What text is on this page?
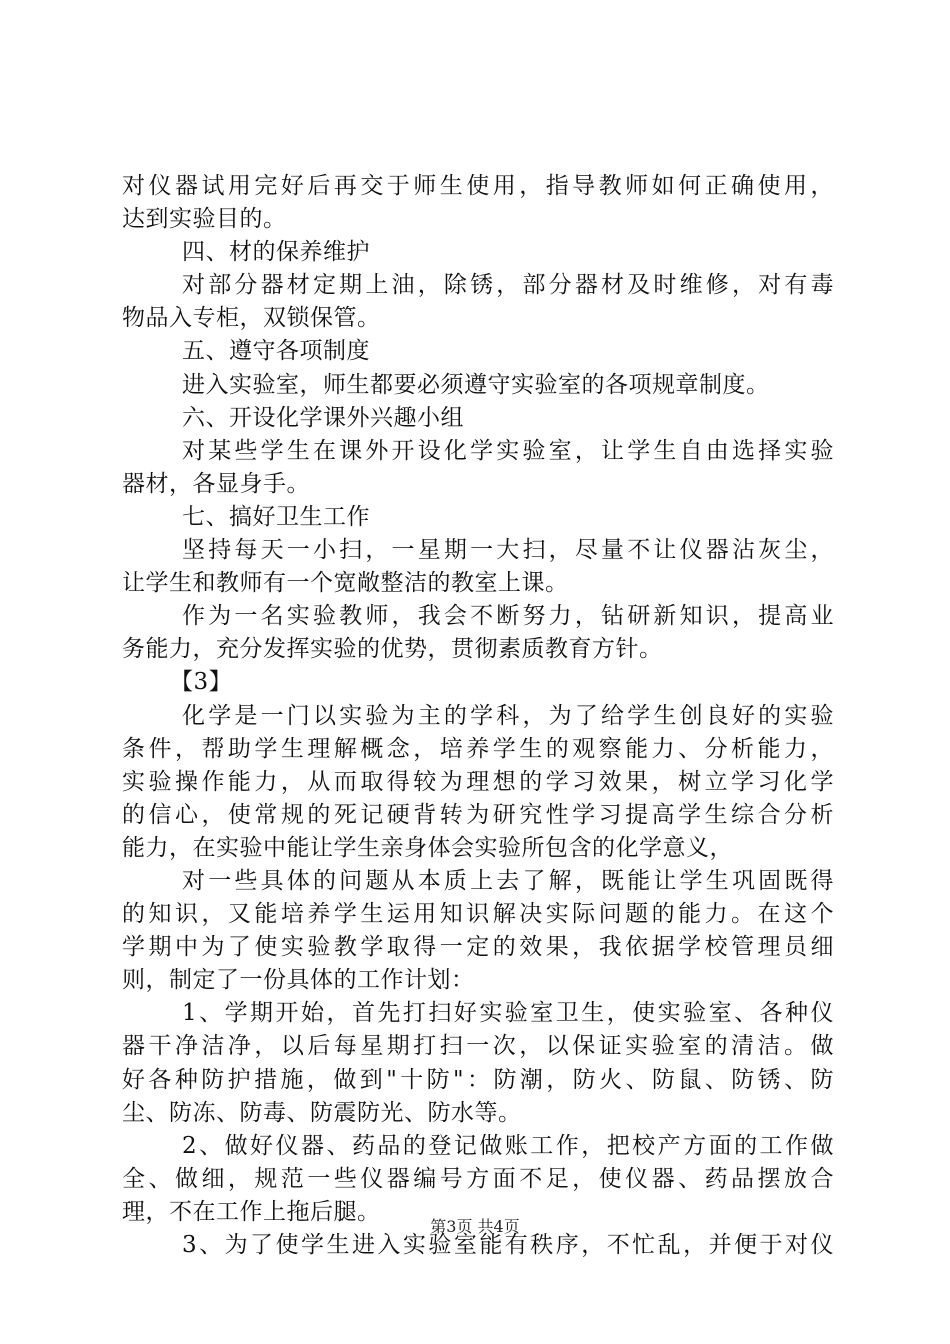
对仪器试用完好后再交于师生使用，指导教师如何正确使用，
达到实验目的。
四、材的保养维护
对部分器材定期上油，除锈，部分器材及时维修，对有毒
物品入专柜，双锁保管。
五、遵守各项制度
进入实验室，师生都要必须遵守实验室的各项规章制度。
六、开设化学课外兴趣小组
对某些学生在课外开设化学实验室，让学生自由选择实验
器材，各显身手。
七、搞好卫生工作
坚持每天一小扫，一星期一大扫，尽量不让仪器沾灰尘，
让学生和教师有一个宽敞整洁的教室上课。
作为一名实验教师，我会不断努力，钻研新知识，提高业
务能力，充分发挥实验的优势，贯彻素质教育方针。
【3】
化学是一门以实验为主的学科，为了给学生创良好的实验
条件，帮助学生理解概念，培养学生的观察能力、分析能力，
实验操作能力，从而取得较为理想的学习效果，树立学习化学
的信心，使常规的死记硬背转为研究性学习提高学生综合分析
能力，在实验中能让学生亲身体会实验所包含的化学意义，
对一些具体的问题从本质上去了解，既能让学生巩固既得
的知识，又能培养学生运用知识解决实际问题的能力。在这个
学期中为了使实验教学取得一定的效果，我依据学校管理员细
则，制定了一份具体的工作计划：
1、学期开始，首先打扫好实验室卫生，使实验室、各种仪
器干净洁净，以后每星期打扫一次，以保证实验室的清洁。做
好各种防护措施，做到"十防"：防潮，防火、防鼠、防锈、防
尘、防冻、防毒、防震防光、防水等。
2、做好仪器、药品的登记做账工作，把校产方面的工作做
全、做细，规范一些仪器编号方面不足，使仪器、药品摆放合
理，不在工作上拖后腿。
3、为了使学生进入实验室能有秩序，不忙乱，并便于对仪
第3页 共4页
